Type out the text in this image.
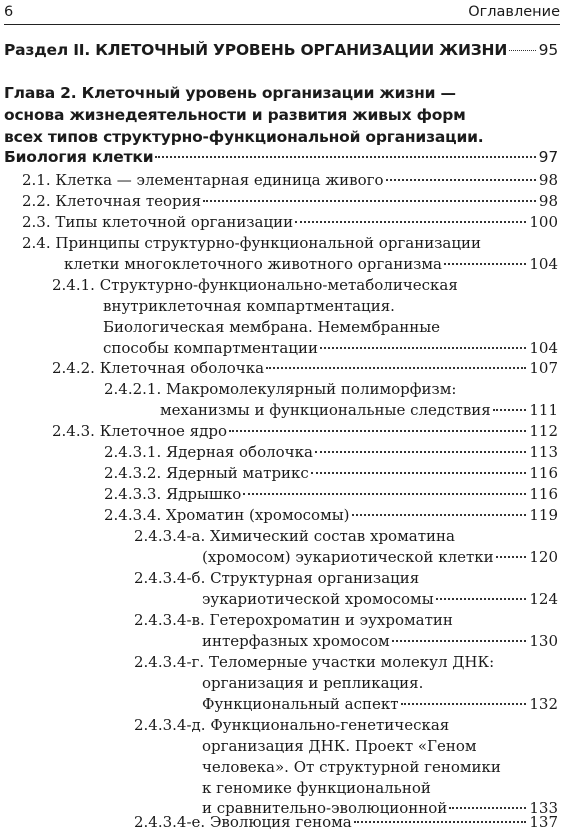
6	Оглавление
Раздел II. КЛЕТОЧНЫЙ УРОВЕНЬ ОРГАНИЗАЦИИ ЖИЗНИ 95
Глава 2. Клеточный уровень организации жизни —
основа жизнедеятельности и развития живых форм
всех типов структурно-функциональной организации.
Биология клетки	97
2.1. Клетка — элементарная единица живого	98
2.2. Клеточная теория	98
2.3. Типы клеточной организации	100
2.4. Принципы структурно-функциональной организации
клетки многоклеточного животного организма	104
2.4.1. Структурно-функционально-метаболическая
внутриклеточная компартментация.
Биологическая мембрана. Немембранные
способы компартментации	104
2.4.2. Клеточная оболочка	107
2.4.2.1. Макромолекулярный полиморфизм:
механизмы и функциональные следствия	111
2.4.3. Клеточное ядро	112
2.4.3.1. Ядерная оболочка	113
2.4.3.2. Ядерный матрикс	116
2.4.3.3. Ядрышко	116
2.4.3.4. Хроматин (хромосомы)	119
2.4.3.4-а. Химический состав хроматина
(хромосом) эукариотической клетки 120
2.4.3.4-б. Структурная организация
эукариотической хромосомы	124
2.4.3.4-в. Гетерохроматин и эухроматин
интерфазных хромосом	130
2.4.3.4-г. Теломерные участки молекул ДНК:
организация и репликация.
Функциональный аспект	132
2.4.3.4-д. Функционально-генетическая
организация ДНК. Проект «Геном
человека». От структурной геномики
к геномике функциональной
и сравнительно-эволюционной	133
2.4.3.4-е. Эволюция генома	137
